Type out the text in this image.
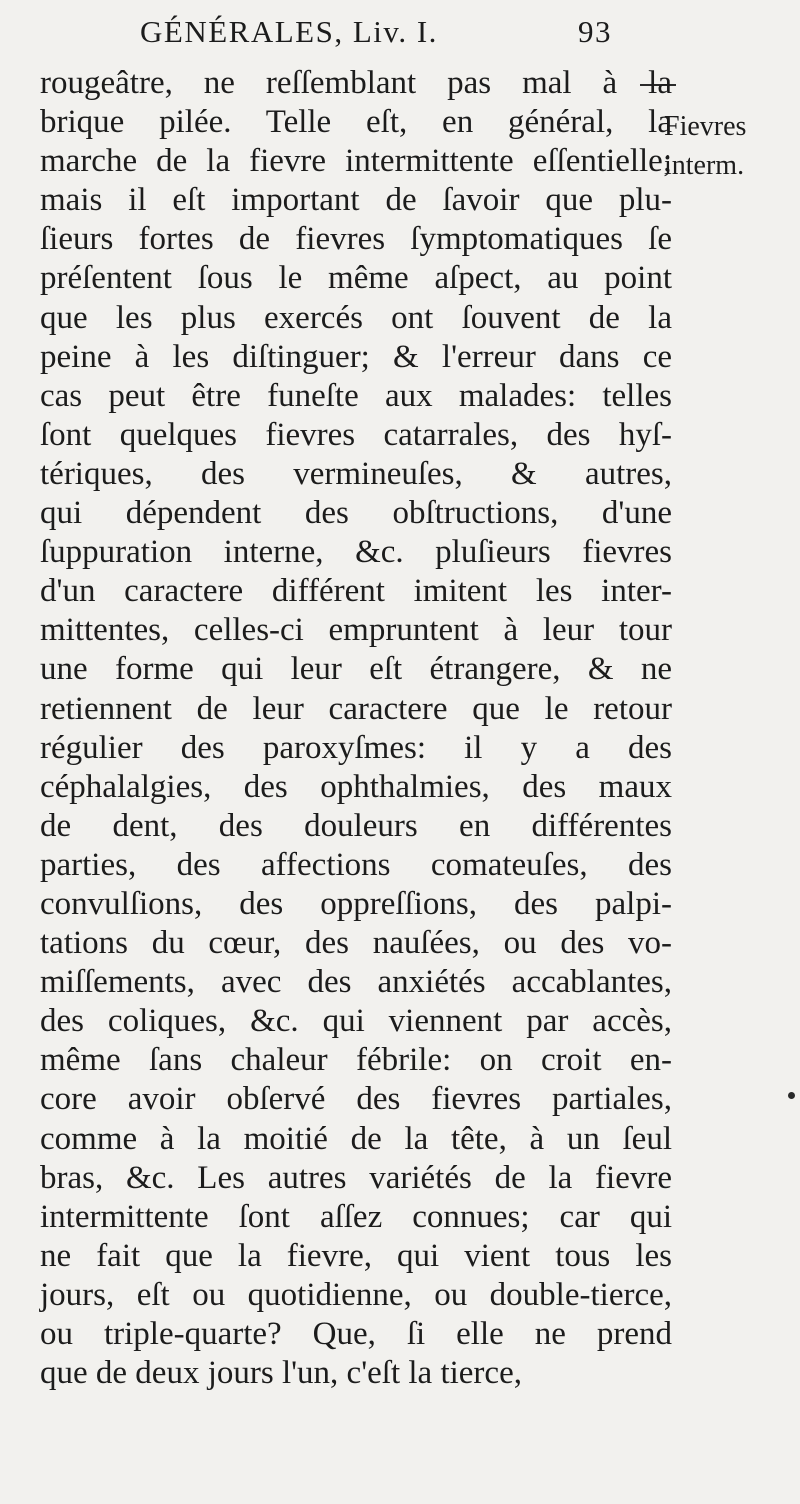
GÉNÉRALES, Liv. I.	93
Fievres
interm.
rougeâtre, ne reſſemblant pas mal à la
brique pilée. Telle eſt, en général, la
marche de la fievre intermittente eſſentielle;
mais il eſt important de ſavoir que plu-
ſieurs fortes de fievres ſymptomatiques ſe
préſentent ſous le même aſpect, au point
que les plus exercés ont ſouvent de la
peine à les diſtinguer; & l'erreur dans ce
cas peut être funeſte aux malades: telles
ſont quelques fievres catarrales, des hyſ-
tériques, des vermineuſes, & autres,
qui dépendent des obſtructions, d'une
ſuppuration interne, &c. pluſieurs fievres
d'un caractere différent imitent les inter-
mittentes, celles-ci empruntent à leur tour
une forme qui leur eſt étrangere, & ne
retiennent de leur caractere que le retour
régulier des paroxyſmes: il y a des
céphalalgies, des ophthalmies, des maux
de dent, des douleurs en différentes
parties, des affections comateuſes, des
convulſions, des oppreſſions, des palpi-
tations du cœur, des nauſées, ou des vo-
miſſements, avec des anxiétés accablantes,
des coliques, &c. qui viennent par accès,
même ſans chaleur fébrile: on croit en-
core avoir obſervé des fievres partiales,
comme à la moitié de la tête, à un ſeul
bras, &c. Les autres variétés de la fievre
intermittente ſont aſſez connues; car qui
ne fait que la fievre, qui vient tous les
jours, eſt ou quotidienne, ou double-tierce,
ou triple-quarte? Que, ſi elle ne prend
que de deux jours l'un, c'eſt la tierce,
